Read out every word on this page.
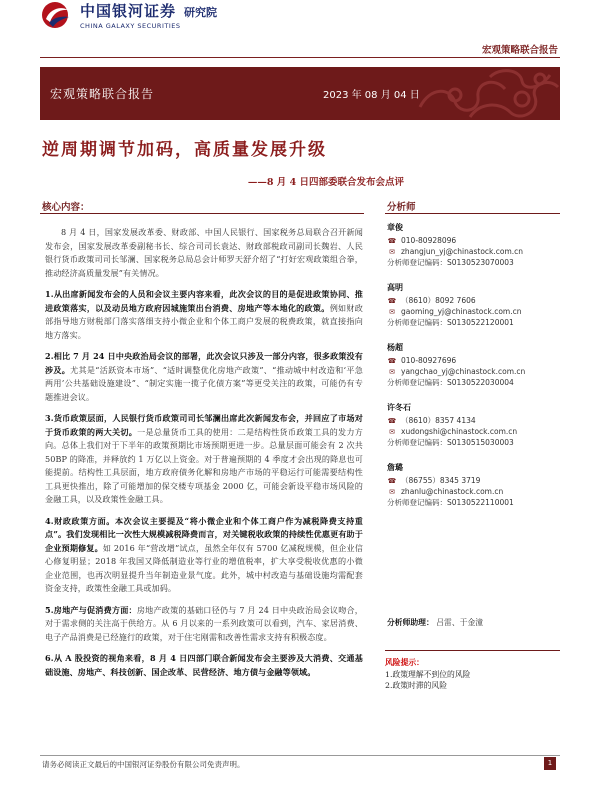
中国银河证券 研究院
CHINA GALAXY SECURITIES
宏观策略联合报告
宏观策略联合报告	2023 年 08 月 04 日
逆周期调节加码，高质量发展升级
——8 月 4 日四部委联合发布会点评
核心内容：	分析师

8 月 4 日，国家发展改革委、财政部、中国人民银行、国家税务总局联合召开新闻发布会，国家发展改革委副秘书长、综合司司长袁达、财政部税政司副司长魏岩、人民银行货币政策司司长邹澜、国家税务总局总会计师罗天舒介绍了“打好宏观政策组合拳，推动经济高质量发展”有关情况。

1.从出席新闻发布会的人员和会议主要内容来看，此次会议的目的是促进政策协同、推进政策落实，以及动员地方政府因城施策出台消费、房地产等本地化的政策。例如财政部指导地方财税部门落实落细支持小微企业和个体工商户发展的税费政策，就直接指向地方落实。

2.相比 7 月 24 日中央政治局会议的部署，此次会议只涉及一部分内容，很多政策没有涉及。尤其是“活跃资本市场”、“适时调整优化房地产政策”、“推动城中村改造和‘平急两用’公共基础设施建设”、“制定实施一揽子化债方案”等更受关注的政策，可能仍有专题推进会议。

3.货币政策层面，人民银行货币政策司司长邹澜出席此次新闻发布会，并回应了市场对于货币政策的两大关切。一是总量货币工具的使用：二是结构性货币政策工具的发力方向。总体上我们对于下半年的政策预期比市场预期更进一步。总量层面可能会有 2 次共 50BP 的降准，并释放约 1 万亿以上资金。对于普遍预期的 4 季度才会出现的降息也可能提前。结构性工具层面，地方政府债务化解和房地产市场的平稳运行可能需要结构性工具更快推出，除了可能增加的保交楼专项基金 2000 亿，可能会新设平稳市场风险的金融工具，以及政策性金融工具。

4.财政政策方面。本次会议主要提及“将小微企业和个体工商户作为减税降费支持重点”。我们发现相比一次性大规模减税降费而言，对关键税收政策的持续性优惠更有助于企业预期修复。如 2016 年“营改增”试点，虽然全年仅有 5700 亿减税规模，但企业信心修复明显；2018 年我国又降低制造业等行业的增值税率，扩大享受税收优惠的小微企业范围，也再次明显提升当年制造业景气度。此外，城中村改造与基础设施均需配套资金支持，政策性金融工具或加码。

5.房地产与促消费方面：房地产政策的基础口径仍与 7 月 24 日中央政治局会议吻合，对于需求侧的关注高于供给方。从 6 月以来的一系列政策可以看到，汽车、家居消费、电子产品消费是已经施行的政策，对于住宅刚需和改善性需求支持有积极态度。

6.从 A 股投资的视角来看，8 月 4 日四部门联合新闻发布会主要涉及大消费、交通基础设施、房地产、科技创新、国企改革、民营经济、地方债与金融等领域。

章俊
☎ 010-80928096
✉ zhangjun_yj@chinastock.com.cn
分析师登记编码： S0130523070003
高明
☎ （8610）8092 7606
✉ gaoming_yj@chinastock.com.cn
分析师登记编码： S0130522120001
杨超
☎ 010-80927696
✉ yangchao_yj@chinastock.com.cn
分析师登记编码： S0130522030004
许冬石
☎ （8610）8357 4134
✉ xudongshi@chinastock.com.cn
分析师登记编码： S0130515030003
詹璐
☎ （86755）8345 3719
✉ zhanlu@chinastock.com.cn
分析师登记编码： S0130522110001
分析师助理： 吕雷、于金潼
风险提示：
1.政策理解不到位的风险
2.政策时滞的风险
请务必阅读正文最后的中国银河证券股份有限公司免责声明。	1
